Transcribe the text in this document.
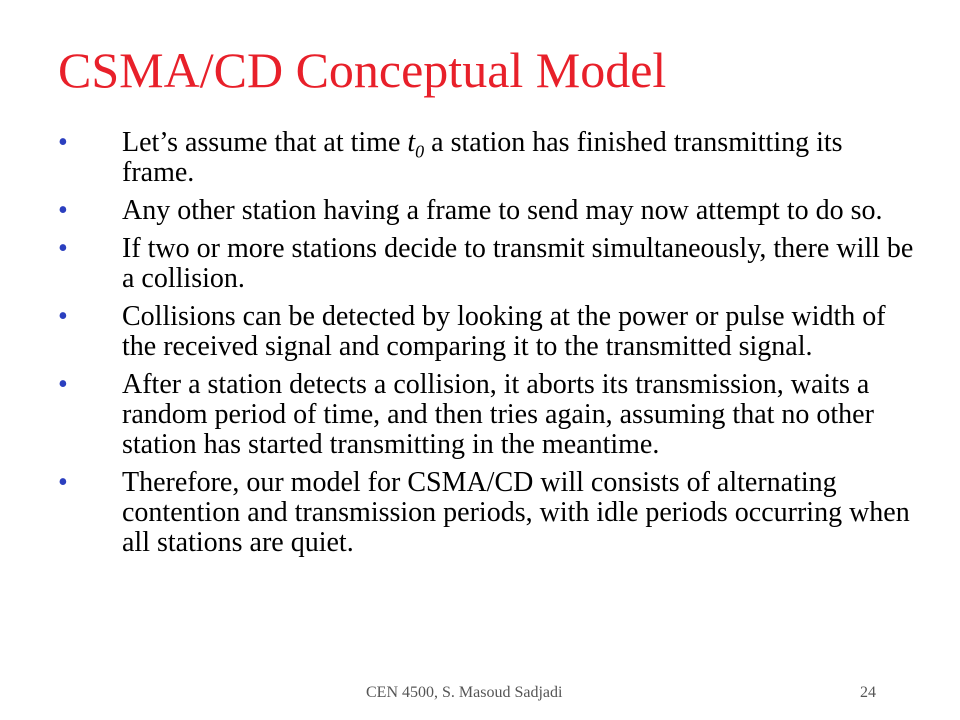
CSMA/CD Conceptual Model
• Let’s assume that at time $t_0$ a station has finished transmitting its frame.
• Any other station having a frame to send may now attempt to do so.
• If two or more stations decide to transmit simultaneously, there will be a collision.
• Collisions can be detected by looking at the power or pulse width of the received signal and comparing it to the transmitted signal.
• After a station detects a collision, it aborts its transmission, waits a random period of time, and then tries again, assuming that no other station has started transmitting in the meantime.
• Therefore, our model for CSMA/CD will consists of alternating contention and transmission periods, with idle periods occurring when all stations are quiet.
CEN 4500, S. Masoud Sadjadi	24
